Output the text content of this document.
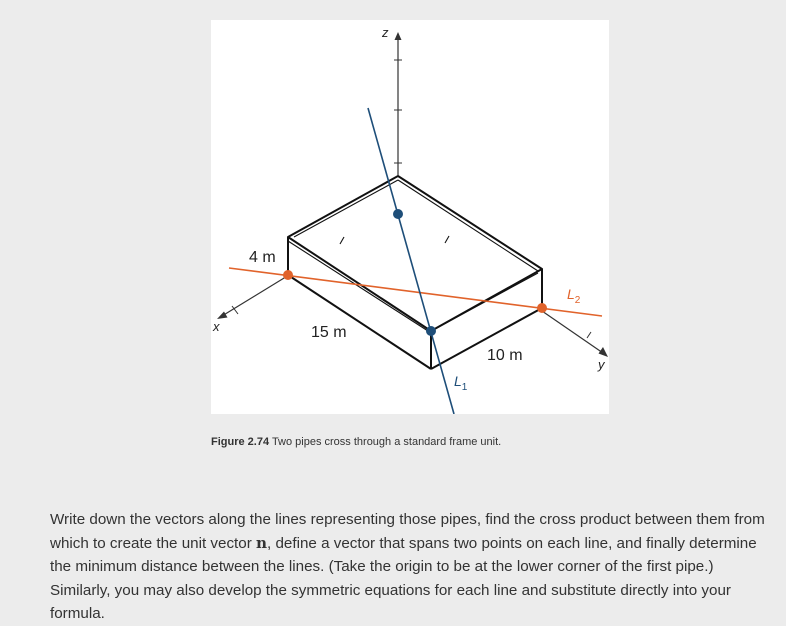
z
x
y
$L_2$
$L_1$
4 m
15 m
10 m
Figure 2.74 Two pipes cross through a standard frame unit.
Write down the vectors along the lines representing those pipes, find the cross product between them from which to create the unit vector n, define a vector that spans two points on each line, and finally determine the minimum distance between the lines. (Take the origin to be at the lower corner of the first pipe.) Similarly, you may also develop the symmetric equations for each line and substitute directly into your formula.
